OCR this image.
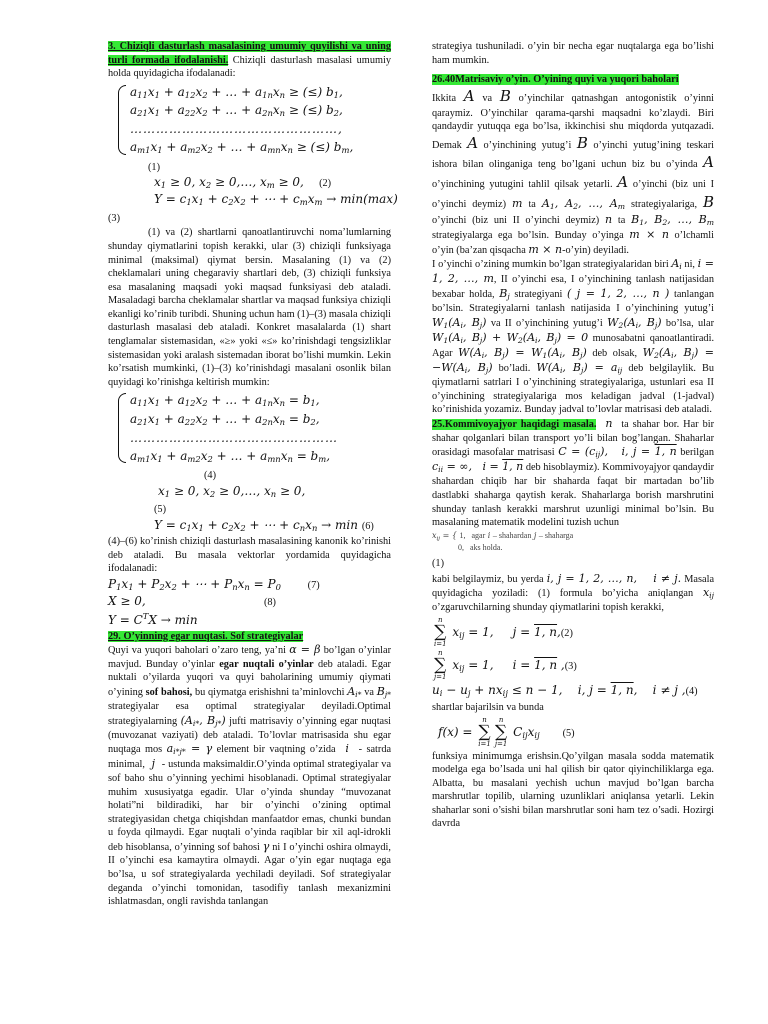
3. Chiziqli dasturlash masalasining umumiy quyilishi va uning turli formada ifodalanishi. Chiziqli dasturlash masalasi umumiy holda quyidagicha ifodalanadi:

$a_{11}x_1 + a_{12}x_2$ + … + $a_{1n}x_n$ ≥ (≤) $b_1$,
$a_{21}x_1 + a_{22}x_2$ + … + $a_{2n}x_n$ ≥ (≤) $b_2$,
…………………………………………,
$a_{m1}x_1 + a_{m2}x_2$ + … + $a_{mn}x_n$ ≥ (≤) $b_m$,
(1)
$x_1 \ge 0$, $x_2$ ≥ 0,…, $x_m \ge 0$,    (2)
$Y = c_1x_1 + c_2x_2$ + ⋯ + $c_mx_m \to \min(\max)$
(3)

(1) va (2) shartlarni qanoatlantiruvchi noma’lumlarning shunday qiymatlarini topish kerakki, ular (3) chiziqli funksiyaga minimal (maksimal) qiymat bersin. Masalaning (1) va (2) cheklamalari uning chegaraviy shartlari deb, (3) chiziqli funksiya esa masalaning maqsadi yoki maqsad funksiyasi deb ataladi. Masaladagi barcha cheklamalar shartlar va maqsad funksiya chiziqli ekanligi ko’rinib turibdi. Shuning uchun ham (1)–(3) masala chiziqli dasturlash masalasi deb ataladi. Konkret masalalarda (1) shart tenglamalar sistemasidan, «≥» yoki «≤» ko’rinishdagi tengsizliklar sistemasidan yoki aralash sistemadan iborat bo’lishi mumkin. Lekin ko’rsatish mumkinki, (1)–(3) ko’rinishdagi masalani osonlik bilan quyidagi ko’rinishga keltirish mumkin:

$a_{11}x_1 + a_{12}x_2$ + … + $a_{1n}x_n = b_1$,
$a_{21}x_1 + a_{22}x_2$ + … + $a_{2n}x_n = b_2$,
…………………………………………
$a_{m1}x_1 + a_{m2}x_2$ + … + $a_{mn}x_n = b_m$,
(4)
$x_1 \ge 0$, $x_2$ ≥ 0,…, $x_n \ge 0$,
(5)
$Y = c_1x_1 + c_2x_2$ + ⋯ + $c_nx_n \to \min (6)$

(4)–(6) ko’rinish chiziqli dasturlash masalasining kanonik ko’rinishi deb ataladi. Bu masala vektorlar yordamida quyidagicha ifodalanadi:

$P_1x_1 + P_2x_2$ + ⋯ + $P_nx_n = P_0$	(7)
X ≥ 0,                               (8)
$Y = C^TX \to \min$

29. O’yinning egar nuqtasi. Sof strategiyalar

Quyi va yuqori baholari o’zaro teng, ya’ni α = β bo’lgan o’yinlar mavjud. Bunday o’yinlar egar nuqtali o’yinlar deb ataladi. Egar nuktali o’yilarda yuqori va quyi baholarining umumiy qiymati o’yining sof bahosi, bu qiymatga erishishni ta’minlovchi $A_{i*}$ va $B_{j*}$ strategiyalar esa optimal strategiyalar deyiladi.Optimal strategiyalarning ($A_{i*}$, $B_{j*}$) jufti matrisaviy o’yinning egar nuqtasi (muvozanat vaziyati) deb ataladi. To’lovlar matrisasida shu egar nuqtaga mos $a_{i*j*} = \gamma$ element bir vaqtning o’zida  i  - satrda minimal,  j  - ustunda maksimaldir.O’yinda optimal strategiyalar va sof baho shu o’yinning yechimi hisoblanadi. Optimal strategiyalar muhim xususiyatga egadir. Ular o’yinda shunday “muvozanat holati”ni bildiradiki, har bir o’yinchi o’zining optimal strategiyasidan chetga chiqishdan manfaatdor emas, chunki bundan u foyda qilmaydi. Egar nuqtali o’yinda raqiblar bir xil aql-idrokli deb hisoblansa, o’yinning sof bahosi γ ni I o’yinchi oshira olmaydi, II o’yinchi esa kamaytira olmaydi. Agar o’yin egar nuqtaga ega bo’lsa, u sof strategiyalarda yechiladi deyiladi. Sof strategiyalar deganda o’yinchi tomonidan, tasodifiy tanlash mexanizmini ishlatmasdan, ongli ravishda tanlangan

strategiya tushuniladi. o’yin bir necha egar nuqtalarga ega bo’lishi ham mumkin.

26.40Matrisaviy o’yin. O’yining quyi va yuqori baholari

Ikkita A va B o’yinchilar qatnashgan antogonistik o’yinni qaraymiz. O’yinchilar qarama-qarshi maqsadni ko’zlaydi. Biri qandaydir yutuqqa ega bo’lsa, ikkinchisi shu miqdorda yutqazadi. Demak A o’yinchining yutug’i B o’yinchi yutug’ining teskari ishora bilan olinganiga teng bo’lgani uchun biz bu o’yinda A o’yinchining yutugini tahlil qilsak yetarli. A o’yinchi (biz uni I o’yinchi deymiz) m ta $A_1$, $A_2$, …, $A_m$ strategiyalariga, B o’yinchi (biz uni II o’yinchi deymiz) n ta $B_1$, $B_2$, …, $B_m$ strategiyalarga ega bo’lsin. Bunday o’yinga m × n o’lchamli o’yin (ba’zan qisqacha m × n-o’yin) deyiladi.

I o’yinchi o’zining mumkin bo’lgan strategiyalaridan biri $A_i$ ni, i = 1, 2, …, m, II o’yinchi esa, I o’yinchining tanlash natijasidan bexabar holda, $B_j$ strategiyani ( j = 1, 2, …, n ) tanlangan bo’lsin. Strategiyalarni tanlash natijasida I o’yinchining yutug’i $W_1(A_i$, $B_j$) va II o’yinchining yutug’i $W_2(A_i$, $B_j$) bo’lsa, ular $W_1(A_i$, $B_j) + W_2(A_i$, $B_j) = 0$ munosabatni qanoatlantiradi. Agar $W(A_i$, $B_j) = W_1(A_i$, $B_j$) deb olsak, $W_2(A_i$, $B_j) = -W(A_i$, $B_j$) bo’ladi. $W(A_i$, $B_j) = a_{ij}$ deb belgilaylik. Bu qiymatlarni satrlari I o’yinchining strategiyalariga, ustunlari esa II o’yinchining strategiyalariga mos keladigan jadval (1-jadval) ko’rinishida yozamiz. Bunday jadval to’lovlar matrisasi deb ataladi.

25.Kommivoyajyor haqidagi masala.  n  ta shahar bor. Har bir shahar qolganlari bilan transport yo’li bilan bog’langan. Shaharlar orasidagi masofalar matrisasi $C = (c_{ij})$,   i, j = 1, n berilgan $c_{ii}$ = ∞,   i = 1, n deb hisoblaymiz). Kommivoyajyor qandaydir shahardan chiqib har bir shaharda faqat bir martadan bo’lib dastlabki shaharga qaytish kerak. Shaharlarga borish marshrutini shunday tanlash kerakki marshrut uzunligi minimal bo’lsin. Bu masalaning matematik modelini tuzish uchun

$x_{ij}$ = { 1,   agar i – shahardan j – shaharga
0,   aks holda.
(1)

kabi belgilaymiz, bu yerda i, j = 1, 2, …, n,    i ≠ j. Masala quyidagicha yoziladi: (1) formula bo’yicha aniqlangan $x_{ij}$ o’zgaruvchilarning shunday qiymatlarini topish kerakki,

n
∑
i=1
$x_{ij} = 1$,     j = 1, n,(2)
n
∑
j=1
$x_{ij} = 1$,     i = 1, n ,(3)
$u_i - u_j + nx_{ij} \le n - 1$,    i, j = 1, n,    i ≠ j ,(4)

shartlar bajarilsin va bunda

f(x) =
n
∑
i=1
n
∑
j=1
$C_{ij}x_{ij}$ (5)

funksiya minimumga erishsin.Qo’yilgan masala sodda matematik modelga ega bo’lsada uni hal qilish bir qator qiyinchiliklarga ega. Albatta, bu masalani yechish uchun mavjud bo’lgan barcha marshrutlar topilib, ularning uzunliklari aniqlansa yetarli. Lekin shaharlar soni o’sishi bilan marshrutlar soni ham tez o’sadi. Hozirgi davrda
